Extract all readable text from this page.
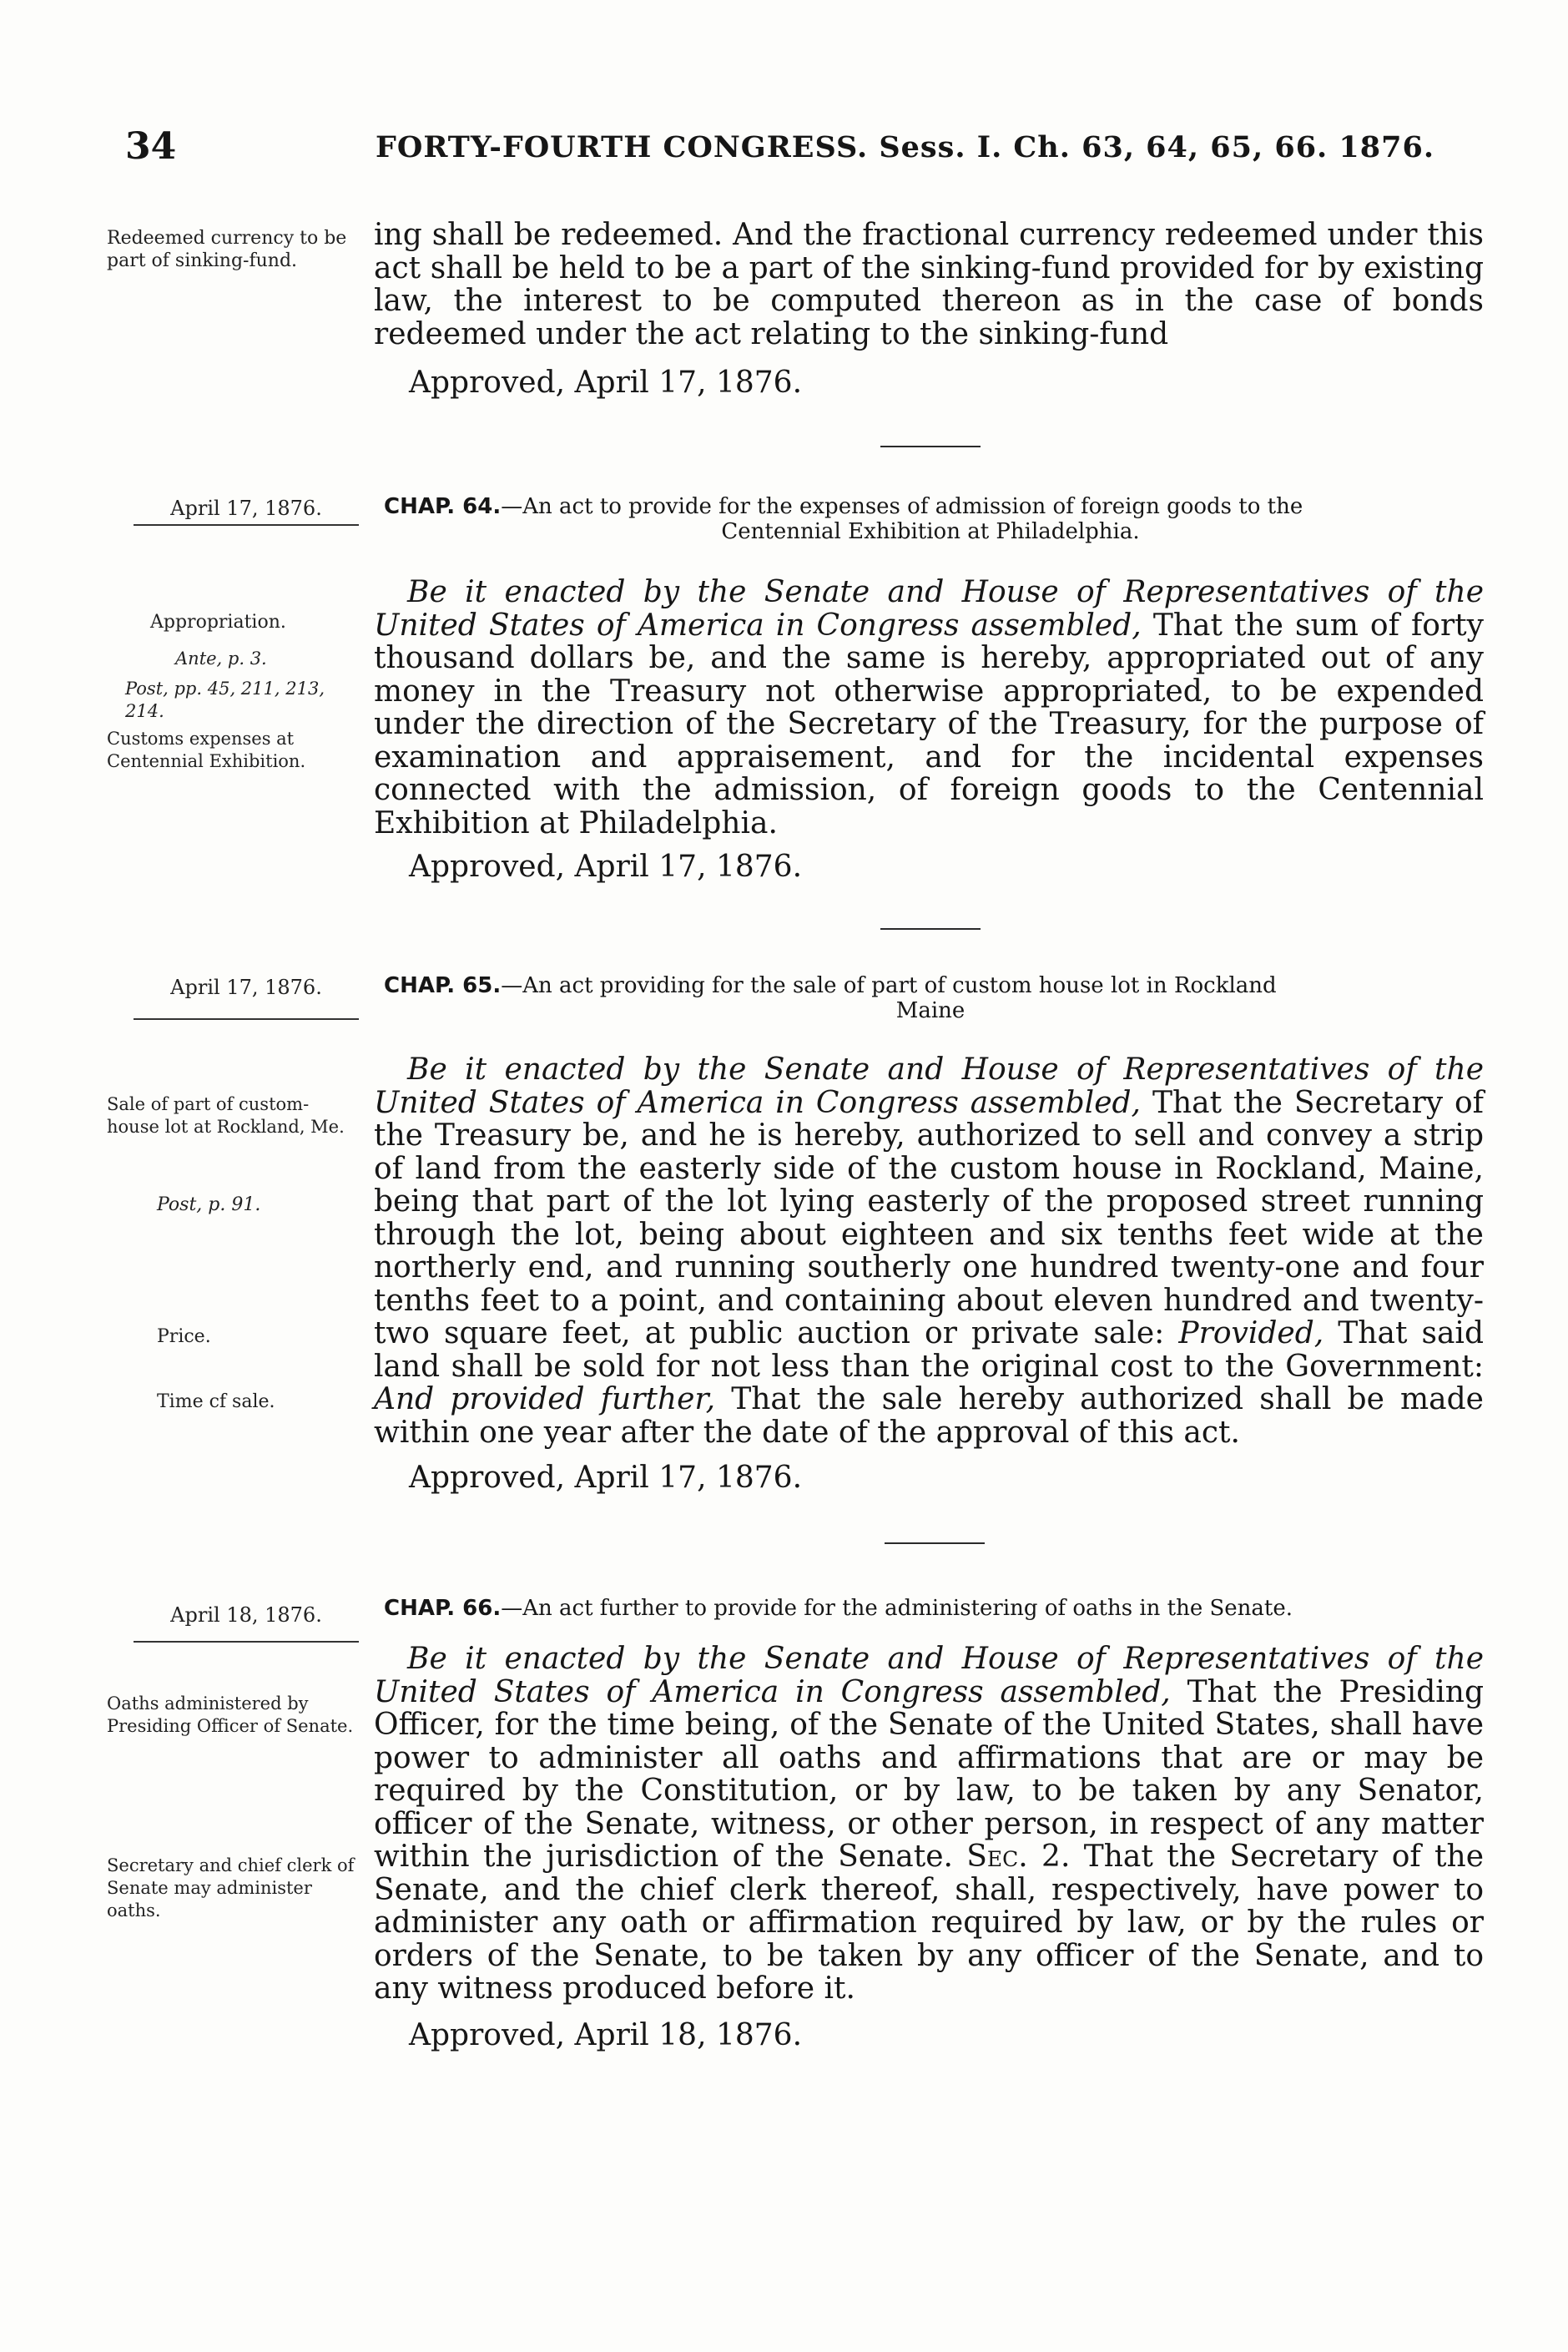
34	FORTY-FOURTH CONGRESS. Sess. I. Ch. 63, 64, 65, 66. 1876.
Redeemed currency to be part of sinking-fund.

ing shall be redeemed. And the fractional currency redeemed under this act shall be held to be a part of the sinking-fund provided for by existing law, the interest to be computed thereon as in the case of bonds redeemed under the act relating to the sinking-fund

Approved, April 17, 1876.
April 17, 1876.	CHAP. 64.—An act to provide for the expenses of admission of foreign goods to the
Centennial Exhibition at Philadelphia.
Appropriation.
Ante, p. 3.
Post, pp. 45, 211, 213, 214.
Customs expenses at Centennial Exhibition.

Be it enacted by the Senate and House of Representatives of the United States of America in Congress assembled, That the sum of forty thousand dollars be, and the same is hereby, appropriated out of any money in the Treasury not otherwise appropriated, to be expended under the direction of the Secretary of the Treasury, for the purpose of examination and appraisement, and for the incidental expenses connected with the admission, of foreign goods to the Centennial Exhibition at Philadelphia.

Approved, April 17, 1876.
April 17, 1876.	CHAP. 65.—An act providing for the sale of part of custom house lot in Rockland
Maine
Sale of part of custom-house lot at Rockland, Me.
Post, p. 91.
Price.
Time cf sale.

Be it enacted by the Senate and House of Representatives of the United States of America in Congress assembled, That the Secretary of the Treasury be, and he is hereby, authorized to sell and convey a strip of land from the easterly side of the custom house in Rockland, Maine, being that part of the lot lying easterly of the proposed street running through the lot, being about eighteen and six tenths feet wide at the northerly end, and running southerly one hundred twenty-one and four tenths feet to a point, and containing about eleven hundred and twenty-two square feet, at public auction or private sale: Provided, That said land shall be sold for not less than the original cost to the Government: And provided further, That the sale hereby authorized shall be made within one year after the date of the approval of this act.

Approved, April 17, 1876.
April 18, 1876.	CHAP. 66.—An act further to provide for the administering of oaths in the Senate.
Oaths administered by Presiding Officer of Senate.
Secretary and chief clerk of Senate may administer oaths.

Be it enacted by the Senate and House of Representatives of the United States of America in Congress assembled, That the Presiding Officer, for the time being, of the Senate of the United States, shall have power to administer all oaths and affirmations that are or may be required by the Constitution, or by law, to be taken by any Senator, officer of the Senate, witness, or other person, in respect of any matter within the jurisdiction of the Senate. Sec. 2. That the Secretary of the Senate, and the chief clerk thereof, shall, respectively, have power to administer any oath or affirmation required by law, or by the rules or orders of the Senate, to be taken by any officer of the Senate, and to any witness produced before it.

Approved, April 18, 1876.
